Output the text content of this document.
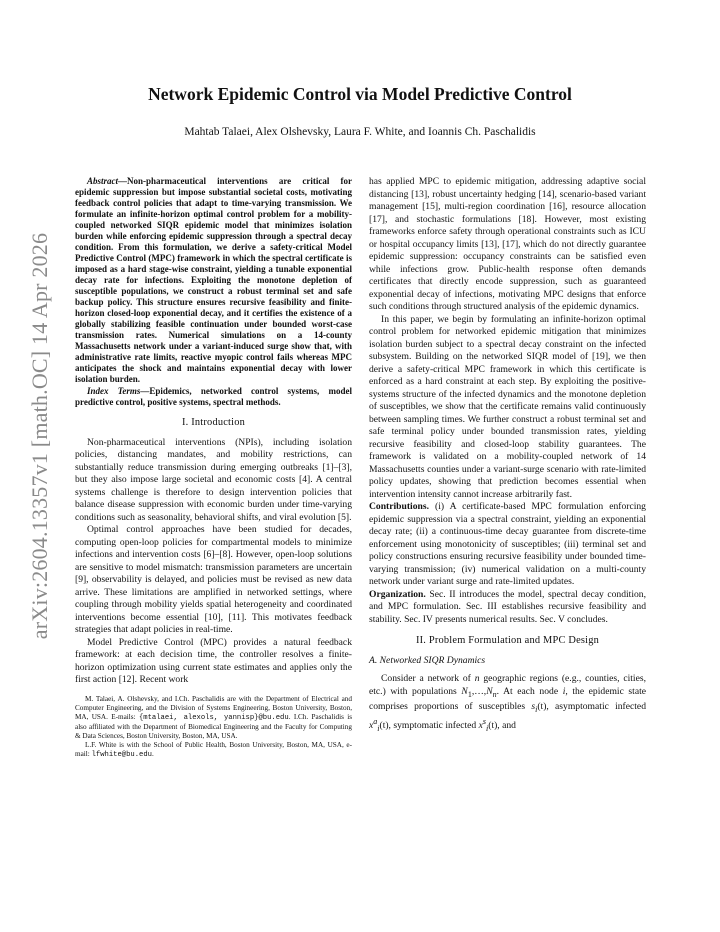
Network Epidemic Control via Model Predictive Control
Mahtab Talaei, Alex Olshevsky, Laura F. White, and Ioannis Ch. Paschalidis
arXiv:2604.13357v1 [math.OC] 14 Apr 2026

Abstract—Non-pharmaceutical interventions are critical for epidemic suppression but impose substantial societal costs, motivating feedback control policies that adapt to time-varying transmission. We formulate an infinite-horizon optimal control problem for a mobility-coupled networked SIQR epidemic model that minimizes isolation burden while enforcing epidemic suppression through a spectral decay condition. From this formulation, we derive a safety-critical Model Predictive Control (MPC) framework in which the spectral certificate is imposed as a hard stage-wise constraint, yielding a tunable exponential decay rate for infections. Exploiting the monotone depletion of susceptible populations, we construct a robust terminal set and safe backup policy. This structure ensures recursive feasibility and finite-horizon closed-loop exponential decay, and it certifies the existence of a globally stabilizing feasible continuation under bounded worst-case transmission rates. Numerical simulations on a 14-county Massachusetts network under a variant-induced surge show that, with administrative rate limits, reactive myopic control fails whereas MPC anticipates the shock and maintains exponential decay with lower isolation burden.

Index Terms—Epidemics, networked control systems, model predictive control, positive systems, spectral methods.

I. Introduction

Non-pharmaceutical interventions (NPIs), including isolation policies, distancing mandates, and mobility restrictions, can substantially reduce transmission during emerging outbreaks [1]–[3], but they also impose large societal and economic costs [4]. A central systems challenge is therefore to design intervention policies that balance disease suppression with economic burden under time-varying conditions such as seasonality, behavioral shifts, and viral evolution [5].

Optimal control approaches have been studied for decades, computing open-loop policies for compartmental models to minimize infections and intervention costs [6]–[8]. However, open-loop solutions are sensitive to model mismatch: transmission parameters are uncertain [9], observability is delayed, and policies must be revised as new data arrive. These limitations are amplified in networked settings, where coupling through mobility yields spatial heterogeneity and coordinated interventions become essential [10], [11]. This motivates feedback strategies that adapt policies in real-time.

Model Predictive Control (MPC) provides a natural feedback framework: at each decision time, the controller resolves a finite-horizon optimization using current state estimates and applies only the first action [12]. Recent work

M. Talaei, A. Olshevsky, and I.Ch. Paschalidis are with the Department of Electrical and Computer Engineering, and the Division of Systems Engineering, Boston University, Boston, MA, USA. E-mails: {mtalaei, alexols, yannisp}@bu.edu. I.Ch. Paschalidis is also affiliated with the Department of Biomedical Engineering and the Faculty for Computing & Data Sciences, Boston University, Boston, MA, USA.

L.F. White is with the School of Public Health, Boston University, Boston, MA, USA, e-mail: lfwhite@bu.edu.

has applied MPC to epidemic mitigation, addressing adaptive social distancing [13], robust uncertainty hedging [14], scenario-based variant management [15], multi-region coordination [16], resource allocation [17], and stochastic formulations [18]. However, most existing frameworks enforce safety through operational constraints such as ICU or hospital occupancy limits [13], [17], which do not directly guarantee epidemic suppression: occupancy constraints can be satisfied even while infections grow. Public-health response often demands certificates that directly encode suppression, such as guaranteed exponential decay of infections, motivating MPC designs that enforce such conditions through structured analysis of the epidemic dynamics.

In this paper, we begin by formulating an infinite-horizon optimal control problem for networked epidemic mitigation that minimizes isolation burden subject to a spectral decay constraint on the infected subsystem. Building on the networked SIQR model of [19], we then derive a safety-critical MPC framework in which this certificate is enforced as a hard constraint at each step. By exploiting the positive-systems structure of the infected dynamics and the monotone depletion of susceptibles, we show that the certificate remains valid continuously between sampling times. We further construct a robust terminal set and safe terminal policy under bounded transmission rates, yielding recursive feasibility and closed-loop stability guarantees. The framework is validated on a mobility-coupled network of 14 Massachusetts counties under a variant-surge scenario with rate-limited policy updates, showing that prediction becomes essential when intervention intensity cannot increase arbitrarily fast.

Contributions. (i) A certificate-based MPC formulation enforcing epidemic suppression via a spectral constraint, yielding an exponential decay rate; (ii) a continuous-time decay guarantee from discrete-time enforcement using monotonicity of susceptibles; (iii) terminal set and policy constructions ensuring recursive feasibility under bounded time-varying transmission; (iv) numerical validation on a multi-county network under variant surge and rate-limited updates.

Organization. Sec. II introduces the model, spectral decay condition, and MPC formulation. Sec. III establishes recursive feasibility and stability. Sec. IV presents numerical results. Sec. V concludes.

II. Problem Formulation and MPC Design
A. Networked SIQR Dynamics

Consider a network of n geographic regions (e.g., counties, cities, etc.) with populations $N_1,\dots,N_n$. At each node i, the epidemic state comprises proportions of susceptibles $s_i(t)$, asymptomatic infected $x^a_i(t)$, symptomatic infected $x^s_i(t)$, and
